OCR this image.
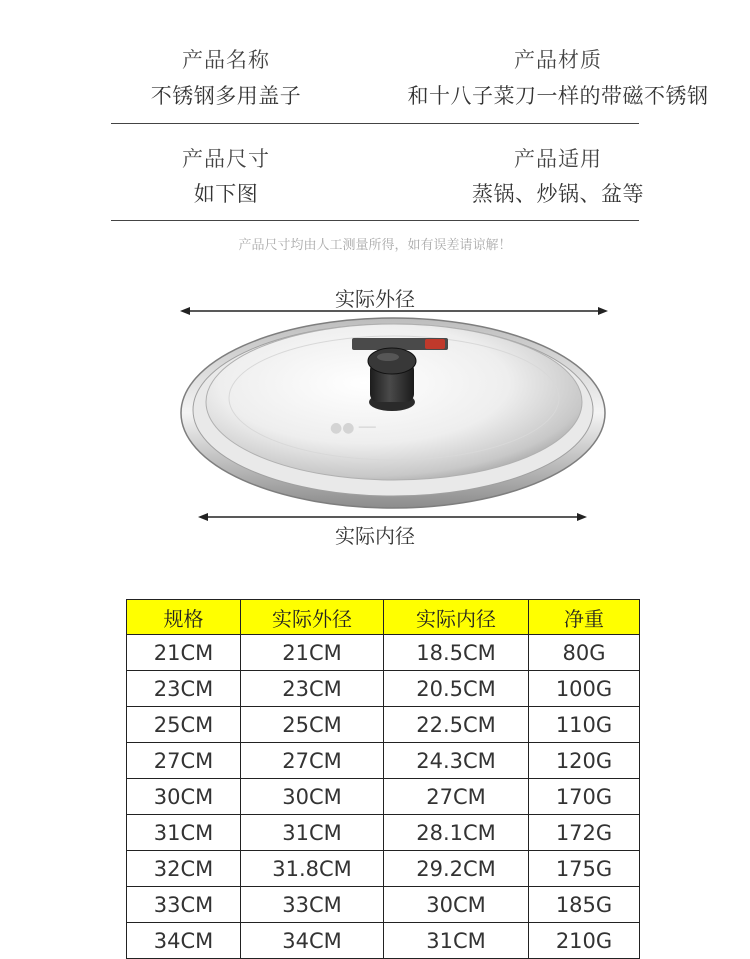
产品名称
不锈钢多用盖子
产品材质
和十八子菜刀一样的带磁不锈钢
产品尺寸
如下图
产品适用
蒸锅、炒锅、盆等
产品尺寸均由人工测量所得，如有误差请谅解！
实际外径
实际内径
●● ──
规格	实际外径	实际内径	净重
21CM	21CM	18.5CM	80G
23CM	23CM	20.5CM	100G
25CM	25CM	22.5CM	110G
27CM	27CM	24.3CM	120G
30CM	30CM	27CM	170G
31CM	31CM	28.1CM	172G
32CM	31.8CM	29.2CM	175G
33CM	33CM	30CM	185G
34CM	34CM	31CM	210G
